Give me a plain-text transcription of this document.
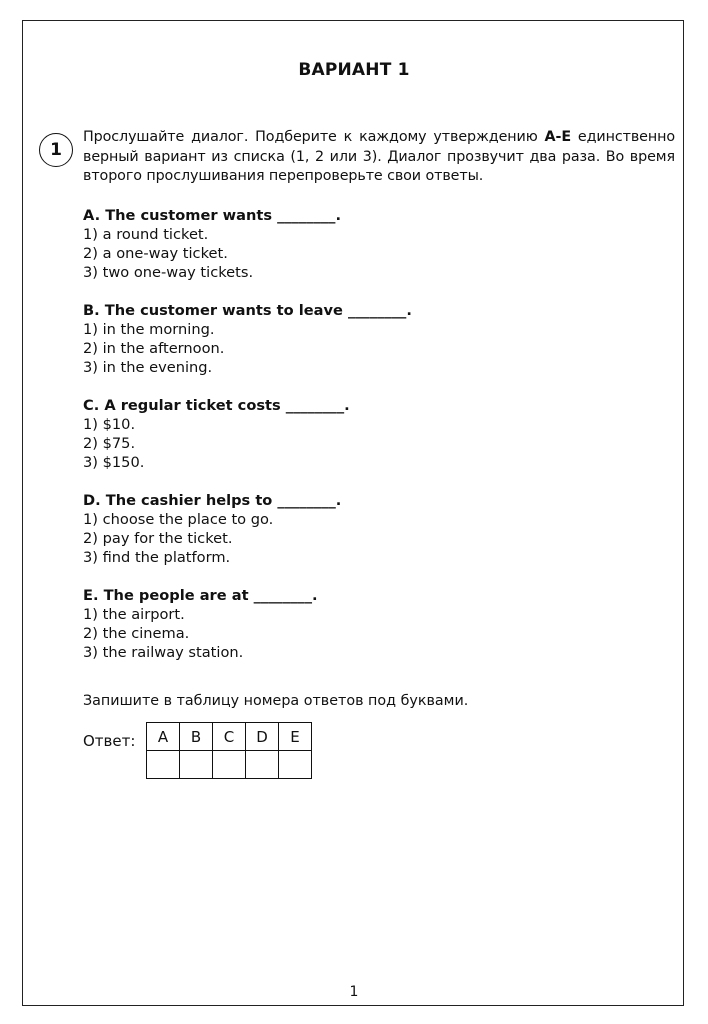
ВАРИАНТ 1
1
Прослушайте диалог. Подберите к каждому утверждению A-E единственно верный вариант из списка (1, 2 или 3). Диалог прозвучит два раза. Во время второго прослушивания перепроверьте свои ответы.
A. The customer wants ________.
1) a round ticket.
2) a one-way ticket.
3) two one-way tickets.
B. The customer wants to leave ________.
1) in the morning.
2) in the afternoon.
3) in the evening.
C. A regular ticket costs ________.
1) $10.
2) $75.
3) $150.
D. The cashier helps to ________.
1) choose the place to go.
2) pay for the ticket.
3) find the platform.
E. The people are at ________.
1) the airport.
2) the cinema.
3) the railway station.
Запишите в таблицу номера ответов под буквами.
Ответ: A	B	C	D	E

1
